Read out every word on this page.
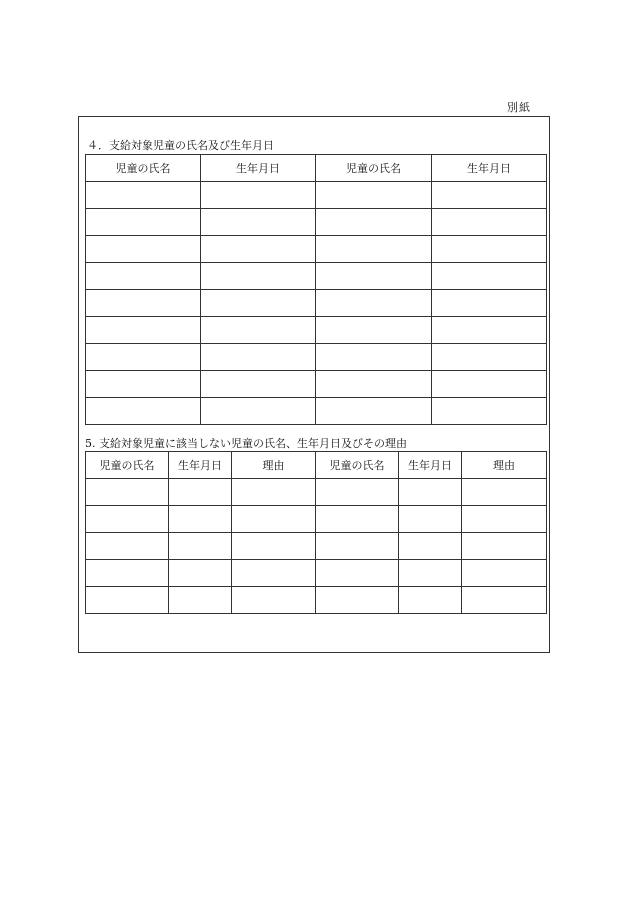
別紙
４．支給対象児童の氏名及び生年月日
児童の氏名	生年月日	児童の氏名	生年月日

5. 支給対象児童に該当しない児童の氏名、生年月日及びその理由
児童の氏名	生年月日	理由	児童の氏名	生年月日	理由
